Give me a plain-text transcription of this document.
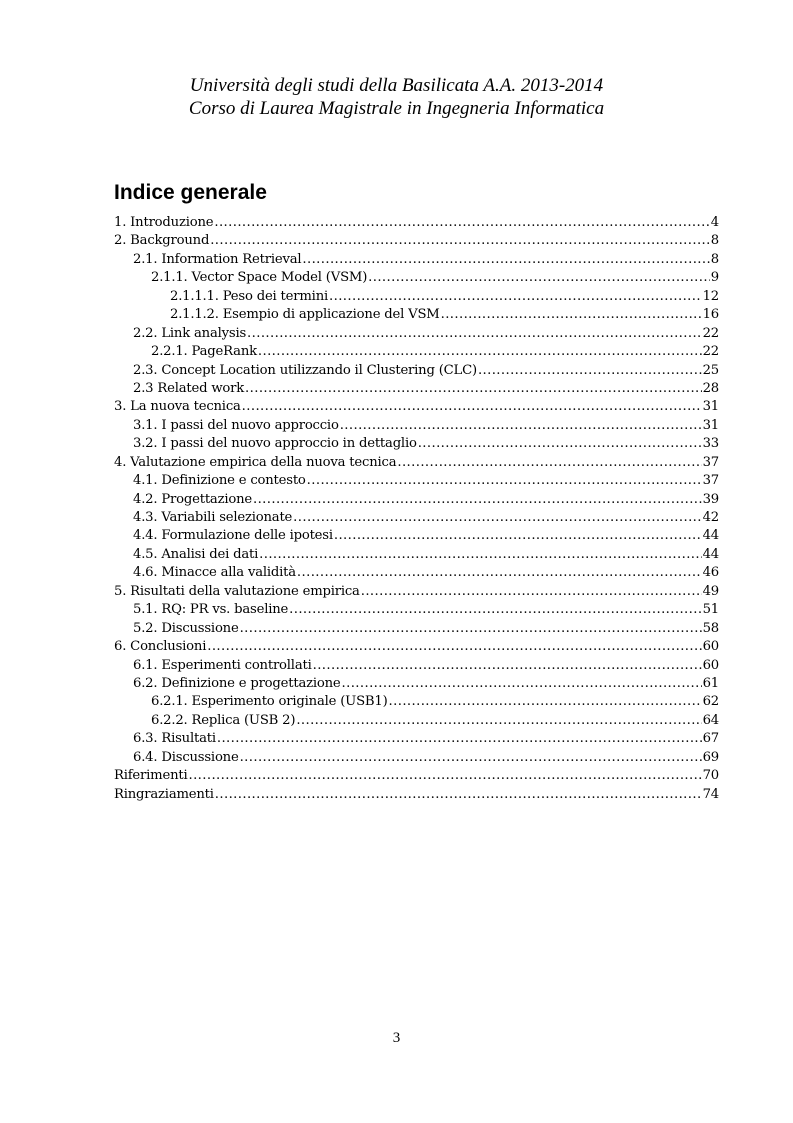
Università degli studi della Basilicata A.A. 2013-2014
Corso di Laurea Magistrale in Ingegneria Informatica
Indice generale
1. Introduzione .....	4
2. Background .....	8
2.1. Information Retrieval .....	8
2.1.1. Vector Space Model (VSM) .....	9
2.1.1.1. Peso dei termini .....	12
2.1.1.2. Esempio di applicazione del VSM .....	16
2.2. Link analysis .....	22
2.2.1. PageRank .....	22
2.3. Concept Location utilizzando il Clustering (CLC) .....	25
2.3 Related work .....	28
3. La nuova tecnica .....	31
3.1. I passi del nuovo approccio .....	31
3.2. I passi del nuovo approccio in dettaglio .....	33
4. Valutazione empirica della nuova tecnica .....	37
4.1. Definizione e contesto .....	37
4.2. Progettazione .....	39
4.3. Variabili selezionate .....	42
4.4. Formulazione delle ipotesi .....	44
4.5. Analisi dei dati .....	44
4.6. Minacce alla validità .....	46
5. Risultati della valutazione empirica .....	49
5.1. RQ: PR vs. baseline .....	51
5.2. Discussione .....	58
6. Conclusioni .....	60
6.1. Esperimenti controllati .....	60
6.2. Definizione e progettazione .....	61
6.2.1. Esperimento originale (USB1) .....	62
6.2.2. Replica (USB 2) .....	64
6.3. Risultati .....	67
6.4. Discussione .....	69
Riferimenti .....	70
Ringraziamenti .....	74
3
